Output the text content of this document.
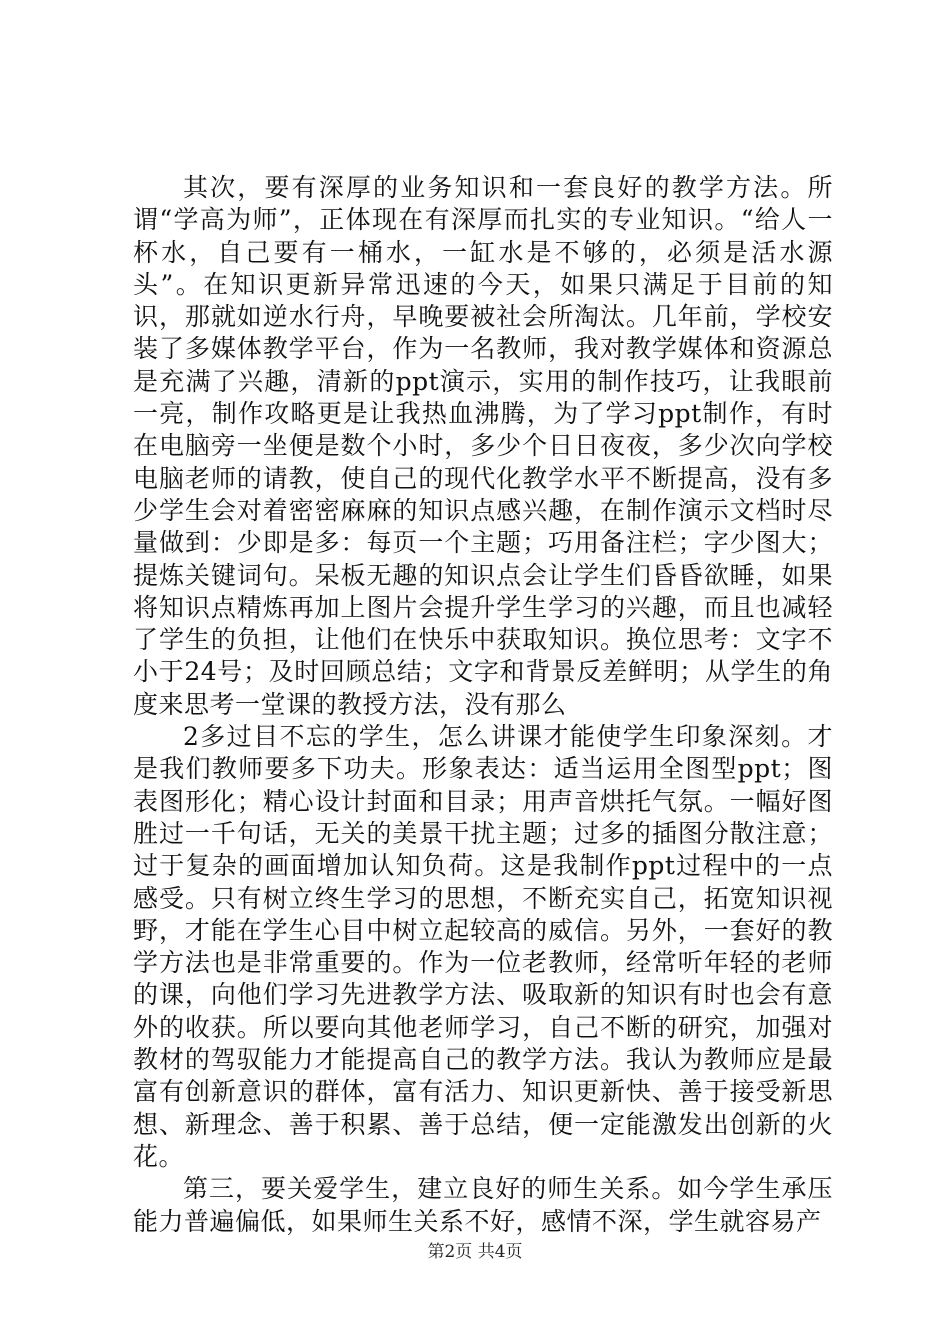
其次，要有深厚的业务知识和一套良好的教学方法。所谓“学高为师”，正体现在有深厚而扎实的专业知识。“给人一杯水，自己要有一桶水，一缸水是不够的，必须是活水源头”。在知识更新异常迅速的今天，如果只满足于目前的知识，那就如逆水行舟，早晚要被社会所淘汰。几年前，学校安装了多媒体教学平台，作为一名教师，我对教学媒体和资源总是充满了兴趣，清新的ppt演示，实用的制作技巧，让我眼前一亮，制作攻略更是让我热血沸腾，为了学习ppt制作，有时在电脑旁一坐便是数个小时，多少个日日夜夜，多少次向学校电脑老师的请教，使自己的现代化教学水平不断提高，没有多少学生会对着密密麻麻的知识点感兴趣，在制作演示文档时尽量做到：少即是多：每页一个主题；巧用备注栏；字少图大；提炼关键词句。呆板无趣的知识点会让学生们昏昏欲睡，如果将知识点精炼再加上图片会提升学生学习的兴趣，而且也减轻了学生的负担，让他们在快乐中获取知识。换位思考：文字不小于24号；及时回顾总结；文字和背景反差鲜明；从学生的角度来思考一堂课的教授方法，没有那么

2多过目不忘的学生，怎么讲课才能使学生印象深刻。才是我们教师要多下功夫。形象表达：适当运用全图型ppt；图表图形化；精心设计封面和目录；用声音烘托气氛。一幅好图胜过一千句话，无关的美景干扰主题；过多的插图分散注意；过于复杂的画面增加认知负荷。这是我制作ppt过程中的一点感受。只有树立终生学习的思想，不断充实自己，拓宽知识视野，才能在学生心目中树立起较高的威信。另外，一套好的教学方法也是非常重要的。作为一位老教师，经常听年轻的老师的课，向他们学习先进教学方法、吸取新的知识有时也会有意外的收获。所以要向其他老师学习，自己不断的研究，加强对教材的驾驭能力才能提高自己的教学方法。我认为教师应是最富有创新意识的群体，富有活力、知识更新快、善于接受新思想、新理念、善于积累、善于总结，便一定能激发出创新的火花。

第三，要关爱学生，建立良好的师生关系。如今学生承压能力普遍偏低，如果师生关系不好，感情不深，学生就容易产

第2页 共4页
